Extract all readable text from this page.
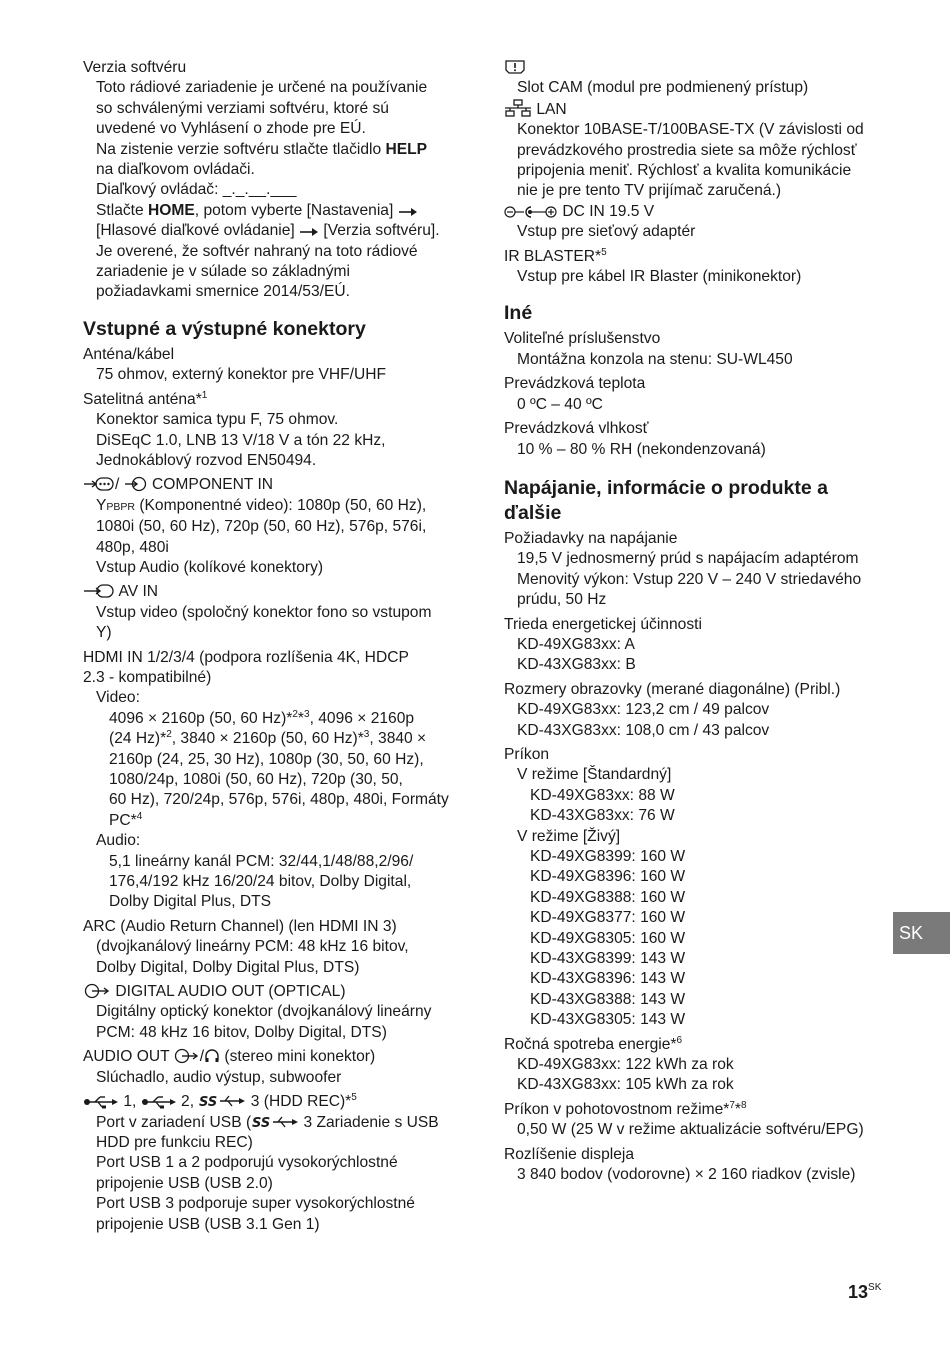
Verzia softvéru
Toto rádiové zariadenie je určené na používanie
so schválenými verziami softvéru, ktoré sú
uvedené vo Vyhlásení o zhode pre EÚ.
Na zistenie verzie softvéru stlačte tlačidlo HELP
na diaľkovom ovládači.
Diaľkový ovládač: _._.__.___
Stlačte HOME, potom vyberte [Nastavenia]
[Hlasové diaľkové ovládanie] [Verzia softvéru].
Je overené, že softvér nahraný na toto rádiové
zariadenie je v súlade so základnými
požiadavkami smernice 2014/53/EÚ.
Vstupné a výstupné konektory
Anténa/kábel
75 ohmov, externý konektor pre VHF/UHF
Satelitná anténa*$^1$
Konektor samica typu F, 75 ohmov.
DiSEqC 1.0, LNB 13 V/18 V a tón 22 kHz,
Jednokáblový rozvod EN50494.
/ COMPONENT IN
YPBPR (Komponentné video): 1080p (50, 60 Hz),
1080i (50, 60 Hz), 720p (50, 60 Hz), 576p, 576i,
480p, 480i
Vstup Audio (kolíkové konektory)
AV IN
Vstup video (spoločný konektor fono so vstupom
Y)
HDMI IN 1/2/3/4 (podpora rozlíšenia 4K, HDCP
2.3 - kompatibilné)
Video:
4096 × 2160p (50, 60 Hz)*$^2$*$^3$, 4096 × 2160p
(24 Hz)*$^2$, 3840 × 2160p (50, 60 Hz)*$^3$, 3840 ×
2160p (24, 25, 30 Hz), 1080p (30, 50, 60 Hz),
1080/24p, 1080i (50, 60 Hz), 720p (30, 50,
60 Hz), 720/24p, 576p, 576i, 480p, 480i, Formáty
PC*$^4$
Audio:
5,1 lineárny kanál PCM: 32/44,1/48/88,2/96/
176,4/192 kHz 16/20/24 bitov, Dolby Digital,
Dolby Digital Plus, DTS
ARC (Audio Return Channel) (len HDMI IN 3)
(dvojkanálový lineárny PCM: 48 kHz 16 bitov,
Dolby Digital, Dolby Digital Plus, DTS)
DIGITAL AUDIO OUT (OPTICAL)
Digitálny optický konektor (dvojkanálový lineárny
PCM: 48 kHz 16 bitov, Dolby Digital, DTS)
AUDIO OUT / (stereo mini konektor)
Slúchadlo, audio výstup, subwoofer
1,	2, SS 3 (HDD REC)*$^5$
Port v zariadení USB ( SS 3 Zariadenie s USB
HDD pre funkciu REC)
Port USB 1 a 2 podporujú vysokorýchlostné
pripojenie USB (USB 2.0)
Port USB 3 podporuje super vysokorýchlostné
pripojenie USB (USB 3.1 Gen 1)
Slot CAM (modul pre podmienený prístup)
LAN
Konektor 10BASE-T/100BASE-TX (V závislosti od
prevádzkového prostredia siete sa môže rýchlosť
pripojenia meniť. Rýchlosť a kvalita komunikácie
nie je pre tento TV prijímač zaručená.)
DC IN 19.5 V
Vstup pre sieťový adaptér
IR BLASTER*$^5$
Vstup pre kábel IR Blaster (minikonektor)
Iné
Voliteľné príslušenstvo
Montážna konzola na stenu: SU-WL450
Prevádzková teplota
0 ºC – 40 ºC
Prevádzková vlhkosť
10 % – 80 % RH (nekondenzovaná)
Napájanie, informácie o produkte a
ďalšie
Požiadavky na napájanie
19,5 V jednosmerný prúd s napájacím adaptérom
Menovitý výkon: Vstup 220 V – 240 V striedavého
prúdu, 50 Hz
Trieda energetickej účinnosti
KD-49XG83xx: A
KD-43XG83xx: B
Rozmery obrazovky (merané diagonálne) (Pribl.)
KD-49XG83xx: 123,2 cm / 49 palcov
KD-43XG83xx: 108,0 cm / 43 palcov
Príkon
V režime [Štandardný]
KD-49XG83xx: 88 W
KD-43XG83xx: 76 W
V režime [Živý]
KD-49XG8399: 160 W
KD-49XG8396: 160 W
KD-49XG8388: 160 W
KD-49XG8377: 160 W
KD-49XG8305: 160 W
KD-43XG8399: 143 W
KD-43XG8396: 143 W
KD-43XG8388: 143 W
KD-43XG8305: 143 W
Ročná spotreba energie*$^6$
KD-49XG83xx: 122 kWh za rok
KD-43XG83xx: 105 kWh za rok
Príkon v pohotovostnom režime*$^7$*$^8$
0,50 W (25 W v režime aktualizácie softvéru/EPG)
Rozlíšenie displeja
3 840 bodov (vodorovne) × 2 160 riadkov (zvisle)
SK
$13^{SK}$
